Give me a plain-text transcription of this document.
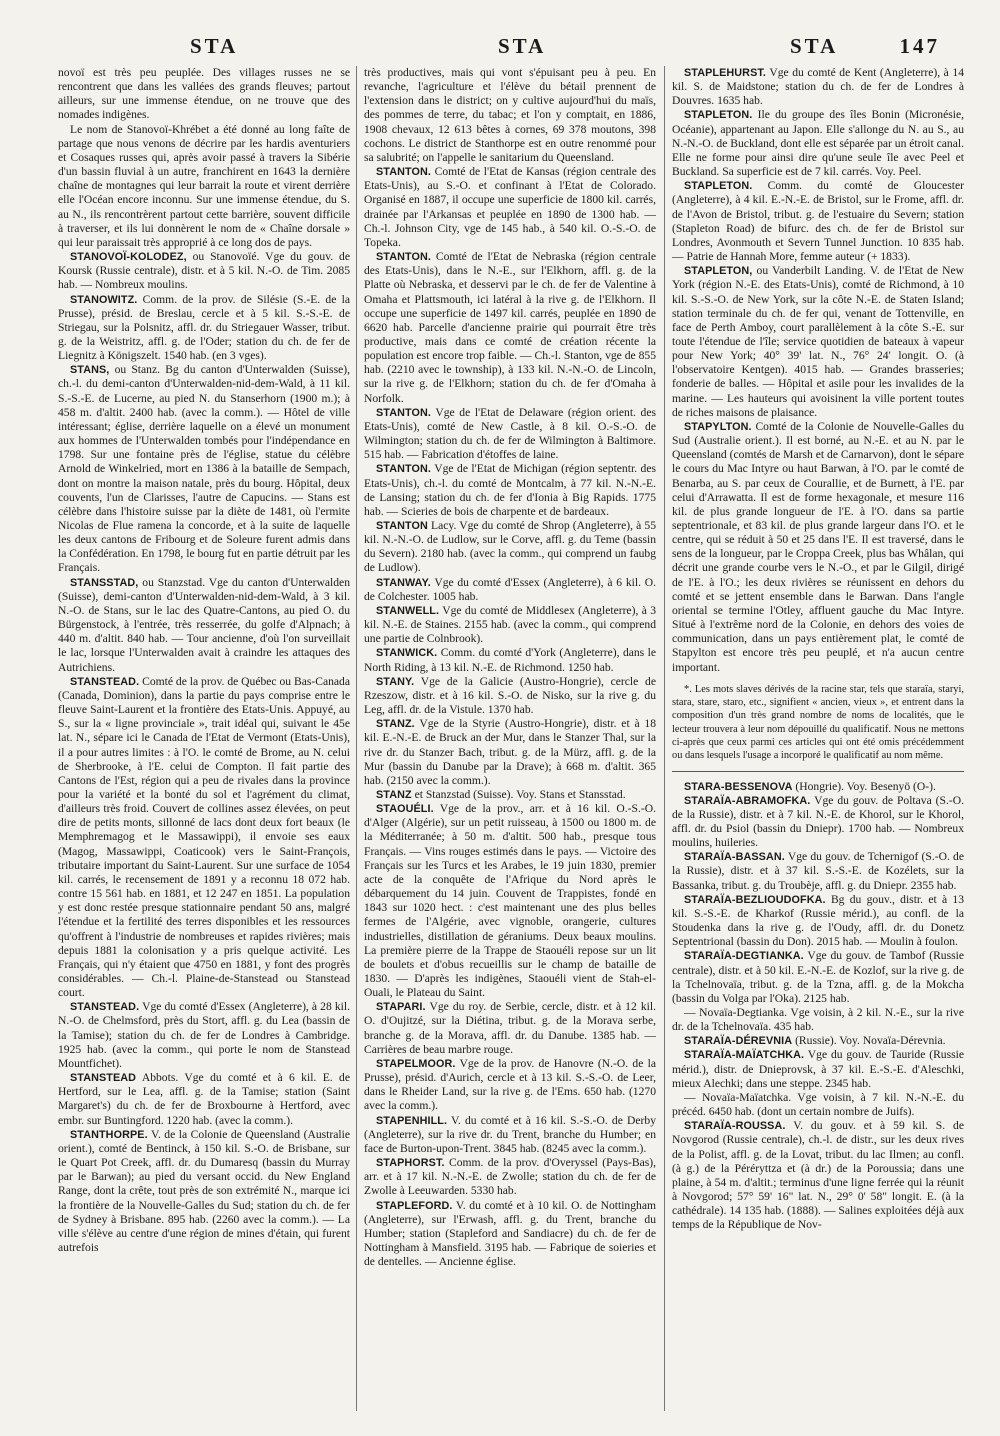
STA	STA	STA	147

novoï est très peu peuplée. Des villages russes ne se rencontrent que dans les vallées des grands fleuves; partout ailleurs, sur une immense étendue, on ne trouve que des nomades indigènes.

Le nom de Stanovoï-Khrébet a été donné au long faîte de partage que nous venons de décrire par les hardis aventuriers et Cosaques russes qui, après avoir passé à travers la Sibérie d'un bassin fluvial à un autre, franchirent en 1643 la dernière chaîne de montagnes qui leur barrait la route et virent derrière elle l'Océan encore inconnu. Sur une immense étendue, du S. au N., ils rencontrèrent partout cette barrière, souvent difficile à traverser, et ils lui donnèrent le nom de « Chaîne dorsale » qui leur paraissait très approprié à ce long dos de pays.

STANOVOÏ-KOLODEZ, ou Stanovoïé. Vge du gouv. de Koursk (Russie centrale), distr. et à 5 kil. N.-O. de Tim. 2085 hab. — Nombreux moulins.

STANOWITZ. Comm. de la prov. de Silésie (S.-E. de la Prusse), présid. de Breslau, cercle et à 5 kil. S.-S.-E. de Striegau, sur la Polsnitz, affl. dr. du Striegauer Wasser, tribut. g. de la Weistritz, affl. g. de l'Oder; station du ch. de fer de Liegnitz à Königszelt. 1540 hab. (en 3 vges).

STANS, ou Stanz. Bg du canton d'Unterwalden (Suisse), ch.-l. du demi-canton d'Unterwalden-nid-dem-Wald, à 11 kil. S.-S.-E. de Lucerne, au pied N. du Stanserhorn (1900 m.); à 458 m. d'altit. 2400 hab. (avec la comm.). — Hôtel de ville intéressant; église, derrière laquelle on a élevé un monument aux hommes de l'Unterwalden tombés pour l'indépendance en 1798. Sur une fontaine près de l'église, statue du célèbre Arnold de Winkelried, mort en 1386 à la bataille de Sempach, dont on montre la maison natale, près du bourg. Hôpital, deux couvents, l'un de Clarisses, l'autre de Capucins. — Stans est célèbre dans l'histoire suisse par la diète de 1481, où l'ermite Nicolas de Flue ramena la concorde, et à la suite de laquelle les deux cantons de Fribourg et de Soleure furent admis dans la Confédération. En 1798, le bourg fut en partie détruit par les Français.

STANSSTAD, ou Stanzstad. Vge du canton d'Unterwalden (Suisse), demi-canton d'Unterwalden-nid-dem-Wald, à 3 kil. N.-O. de Stans, sur le lac des Quatre-Cantons, au pied O. du Bürgenstock, à l'entrée, très resserrée, du golfe d'Alpnach; à 440 m. d'altit. 840 hab. — Tour ancienne, d'où l'on surveillait le lac, lorsque l'Unterwalden avait à craindre les attaques des Autrichiens.

STANSTEAD. Comté de la prov. de Québec ou Bas-Canada (Canada, Dominion), dans la partie du pays comprise entre le fleuve Saint-Laurent et la frontière des Etats-Unis. Appuyé, au S., sur la « ligne provinciale », trait idéal qui, suivant le 45e lat. N., sépare ici le Canada de l'Etat de Vermont (Etats-Unis), il a pour autres limites : à l'O. le comté de Brome, au N. celui de Sherbrooke, à l'E. celui de Compton. Il fait partie des Cantons de l'Est, région qui a peu de rivales dans la province pour la variété et la bonté du sol et l'agrément du climat, d'ailleurs très froid. Couvert de collines assez élevées, on peut dire de petits monts, sillonné de lacs dont deux fort beaux (le Memphremagog et le Massawippi), il envoie ses eaux (Magog, Massawippi, Coaticook) vers le Saint-François, tributaire important du Saint-Laurent. Sur une surface de 1054 kil. carrés, le recensement de 1891 y a reconnu 18 072 hab. contre 15 561 hab. en 1881, et 12 247 en 1851. La population y est donc restée presque stationnaire pendant 50 ans, malgré l'étendue et la fertilité des terres disponibles et les ressources qu'offrent à l'industrie de nombreuses et rapides rivières; mais depuis 1881 la colonisation y a pris quelque activité. Les Français, qui n'y étaient que 4750 en 1881, y font des progrès considérables. — Ch.-l. Plaine-de-Stanstead ou Stanstead court.

STANSTEAD. Vge du comté d'Essex (Angleterre), à 28 kil. N.-O. de Chelmsford, près du Stort, affl. g. du Lea (bassin de la Tamise); station du ch. de fer de Londres à Cambridge. 1925 hab. (avec la comm., qui porte le nom de Stanstead Mountfichet).

STANSTEAD Abbots. Vge du comté et à 6 kil. E. de Hertford, sur le Lea, affl. g. de la Tamise; station (Saint Margaret's) du ch. de fer de Broxbourne à Hertford, avec embr. sur Buntingford. 1220 hab. (avec la comm.).

STANTHORPE. V. de la Colonie de Queensland (Australie orient.), comté de Bentinck, à 150 kil. S.-O. de Brisbane, sur le Quart Pot Creek, affl. dr. du Dumaresq (bassin du Murray par le Barwan); au pied du versant occid. du New England Range, dont la crête, tout près de son extrémité N., marque ici la frontière de la Nouvelle-Galles du Sud; station du ch. de fer de Sydney à Brisbane. 895 hab. (2260 avec la comm.). — La ville s'élève au centre d'une région de mines d'étain, qui furent autrefois

très productives, mais qui vont s'épuisant peu à peu. En revanche, l'agriculture et l'élève du bétail prennent de l'extension dans le district; on y cultive aujourd'hui du maïs, des pommes de terre, du tabac; et l'on y comptait, en 1886, 1908 chevaux, 12 613 bêtes à cornes, 69 378 moutons, 398 cochons. Le district de Stanthorpe est en outre renommé pour sa salubrité; on l'appelle le sanitarium du Queensland.

STANTON. Comté de l'Etat de Kansas (région centrale des Etats-Unis), au S.-O. et confinant à l'Etat de Colorado. Organisé en 1887, il occupe une superficie de 1800 kil. carrés, drainée par l'Arkansas et peuplée en 1890 de 1300 hab. — Ch.-l. Johnson City, vge de 145 hab., à 540 kil. O.-S.-O. de Topeka.

STANTON. Comté de l'Etat de Nebraska (région centrale des Etats-Unis), dans le N.-E., sur l'Elkhorn, affl. g. de la Platte où Nebraska, et desservi par le ch. de fer de Valentine à Omaha et Plattsmouth, ici latéral à la rive g. de l'Elkhorn. Il occupe une superficie de 1497 kil. carrés, peuplée en 1890 de 6620 hab. Parcelle d'ancienne prairie qui pourrait être très productive, mais dans ce comté de création récente la population est encore trop faible. — Ch.-l. Stanton, vge de 855 hab. (2210 avec le township), à 133 kil. N.-N.-O. de Lincoln, sur la rive g. de l'Elkhorn; station du ch. de fer d'Omaha à Norfolk.

STANTON. Vge de l'Etat de Delaware (région orient. des Etats-Unis), comté de New Castle, à 8 kil. O.-S.-O. de Wilmington; station du ch. de fer de Wilmington à Baltimore. 515 hab. — Fabrication d'étoffes de laine.

STANTON. Vge de l'Etat de Michigan (région septentr. des Etats-Unis), ch.-l. du comté de Montcalm, à 77 kil. N.-N.-E. de Lansing; station du ch. de fer d'Ionia à Big Rapids. 1775 hab. — Scieries de bois de charpente et de bardeaux.

STANTON Lacy. Vge du comté de Shrop (Angleterre), à 55 kil. N.-N.-O. de Ludlow, sur le Corve, affl. g. du Teme (bassin du Severn). 2180 hab. (avec la comm., qui comprend un faubg de Ludlow).

STANWAY. Vge du comté d'Essex (Angleterre), à 6 kil. O. de Colchester. 1005 hab.

STANWELL. Vge du comté de Middlesex (Angleterre), à 3 kil. N.-E. de Staines. 2155 hab. (avec la comm., qui comprend une partie de Colnbrook).

STANWICK. Comm. du comté d'York (Angleterre), dans le North Riding, à 13 kil. N.-E. de Richmond. 1250 hab.

STANY. Vge de la Galicie (Austro-Hongrie), cercle de Rzeszow, distr. et à 16 kil. S.-O. de Nisko, sur la rive g. du Leg, affl. dr. de la Vistule. 1370 hab.

STANZ. Vge de la Styrie (Austro-Hongrie), distr. et à 18 kil. E.-N.-E. de Bruck an der Mur, dans le Stanzer Thal, sur la rive dr. du Stanzer Bach, tribut. g. de la Mürz, affl. g. de la Mur (bassin du Danube par la Drave); à 668 m. d'altit. 365 hab. (2150 avec la comm.).

STANZ et Stanzstad (Suisse). Voy. Stans et Stansstad.

STAOUÉLI. Vge de la prov., arr. et à 16 kil. O.-S.-O. d'Alger (Algérie), sur un petit ruisseau, à 1500 ou 1800 m. de la Méditerranée; à 50 m. d'altit. 500 hab., presque tous Français. — Vins rouges estimés dans le pays. — Victoire des Français sur les Turcs et les Arabes, le 19 juin 1830, premier acte de la conquête de l'Afrique du Nord après le débarquement du 14 juin. Couvent de Trappistes, fondé en 1843 sur 1020 hect. : c'est maintenant une des plus belles fermes de l'Algérie, avec vignoble, orangerie, cultures industrielles, distillation de géraniums. Deux beaux moulins. La première pierre de la Trappe de Staouéli repose sur un lit de boulets et d'obus recueillis sur le champ de bataille de 1830. — D'après les indigènes, Staouéli vient de Stah-el-Ouali, le Plateau du Saint.

STAPARI. Vge du roy. de Serbie, cercle, distr. et à 12 kil. O. d'Oujitzé, sur la Diétina, tribut. g. de la Morava serbe, branche g. de la Morava, affl. dr. du Danube. 1385 hab. — Carrières de beau marbre rouge.

STAPELMOOR. Vge de la prov. de Hanovre (N.-O. de la Prusse), présid. d'Aurich, cercle et à 13 kil. S.-S.-O. de Leer, dans le Rheider Land, sur la rive g. de l'Ems. 650 hab. (1270 avec la comm.).

STAPENHILL. V. du comté et à 16 kil. S.-S.-O. de Derby (Angleterre), sur la rive dr. du Trent, branche du Humber; en face de Burton-upon-Trent. 3845 hab. (8245 avec la comm.).

STAPHORST. Comm. de la prov. d'Overyssel (Pays-Bas), arr. et à 17 kil. N.-N.-E. de Zwolle; station du ch. de fer de Zwolle à Leeuwarden. 5330 hab.

STAPLEFORD. V. du comté et à 10 kil. O. de Nottingham (Angleterre), sur l'Erwash, affl. g. du Trent, branche du Humber; station (Stapleford and Sandiacre) du ch. de fer de Nottingham à Mansfield. 3195 hab. — Fabrique de soieries et de dentelles. — Ancienne église.

STAPLEHURST. Vge du comté de Kent (Angleterre), à 14 kil. S. de Maidstone; station du ch. de fer de Londres à Douvres. 1635 hab.

STAPLETON. Ile du groupe des îles Bonin (Micronésie, Océanie), appartenant au Japon. Elle s'allonge du N. au S., au N.-N.-O. de Buckland, dont elle est séparée par un étroit canal. Elle ne forme pour ainsi dire qu'une seule île avec Peel et Buckland. Sa superficie est de 7 kil. carrés. Voy. Peel.

STAPLETON. Comm. du comté de Gloucester (Angleterre), à 4 kil. E.-N.-E. de Bristol, sur le Frome, affl. dr. de l'Avon de Bristol, tribut. g. de l'estuaire du Severn; station (Stapleton Road) de bifurc. des ch. de fer de Bristol sur Londres, Avonmouth et Severn Tunnel Junction. 10 835 hab. — Patrie de Hannah More, femme auteur (+ 1833).

STAPLETON, ou Vanderbilt Landing. V. de l'Etat de New York (région N.-E. des Etats-Unis), comté de Richmond, à 10 kil. S.-S.-O. de New York, sur la côte N.-E. de Staten Island; station terminale du ch. de fer qui, venant de Tottenville, en face de Perth Amboy, court parallèlement à la côte S.-E. sur toute l'étendue de l'île; service quotidien de bateaux à vapeur pour New York; 40° 39' lat. N., 76° 24' longit. O. (à l'observatoire Kentgen). 4015 hab. — Grandes brasseries; fonderie de balles. — Hôpital et asile pour les invalides de la marine. — Les hauteurs qui avoisinent la ville portent toutes de riches maisons de plaisance.

STAPYLTON. Comté de la Colonie de Nouvelle-Galles du Sud (Australie orient.). Il est borné, au N.-E. et au N. par le Queensland (comtés de Marsh et de Carnarvon), dont le sépare le cours du Mac Intyre ou haut Barwan, à l'O. par le comté de Benarba, au S. par ceux de Courallie, et de Burnett, à l'E. par celui d'Arrawatta. Il est de forme hexagonale, et mesure 116 kil. de plus grande longueur de l'E. à l'O. dans sa partie septentrionale, et 83 kil. de plus grande largeur dans l'O. et le centre, qui se réduit à 50 et 25 dans l'E. Il est traversé, dans le sens de la longueur, par le Croppa Creek, plus bas Whâlan, qui décrit une grande courbe vers le N.-O., et par le Gilgil, dirigé de l'E. à l'O.; les deux rivières se réunissent en dehors du comté et se jettent ensemble dans le Barwan. Dans l'angle oriental se termine l'Otley, affluent gauche du Mac Intyre. Situé à l'extrême nord de la Colonie, en dehors des voies de communication, dans un pays entièrement plat, le comté de Stapylton est encore très peu peuplé, et n'a aucun centre important.

*. Les mots slaves dérivés de la racine star, tels que staraïa, staryi, stara, stare, staro, etc., signifient « ancien, vieux », et entrent dans la composition d'un très grand nombre de noms de localités, que le lecteur trouvera à leur nom dépouillé du qualificatif. Nous ne mettons ci-après que ceux parmi ces articles qui ont été omis précédemment ou dans lesquels l'usage a incorporé le qualificatif au nom même.

STARA-BESSENOVA (Hongrie). Voy. Besenyö (O-).

STARAÏA-ABRAMOFKA. Vge du gouv. de Poltava (S.-O. de la Russie), distr. et à 7 kil. N.-E. de Khorol, sur le Khorol, affl. dr. du Psiol (bassin du Dniepr). 1700 hab. — Nombreux moulins, huileries.

STARAÏA-BASSAN. Vge du gouv. de Tchernigof (S.-O. de la Russie), distr. et à 37 kil. S.-S.-E. de Kozélets, sur la Bassanka, tribut. g. du Troubèje, affl. g. du Dniepr. 2355 hab.

STARAÏA-BEZLIOUDOFKA. Bg du gouv., distr. et à 13 kil. S.-S.-E. de Kharkof (Russie mérid.), au confl. de la Stoudenka dans la rive g. de l'Oudy, affl. dr. du Donetz Septentrional (bassin du Don). 2015 hab. — Moulin à foulon.

STARAÏA-DEGTIANKA. Vge du gouv. de Tambof (Russie centrale), distr. et à 50 kil. E.-N.-E. de Kozlof, sur la rive g. de la Tchelnovaïa, tribut. g. de la Tzna, affl. g. de la Mokcha (bassin du Volga par l'Oka). 2125 hab.

— Novaïa-Degtianka. Vge voisin, à 2 kil. N.-E., sur la rive dr. de la Tchelnovaïa. 435 hab.

STARAÏA-DÉREVNIA (Russie). Voy. Novaïa-Dérevnia.

STARAÏA-MAÏATCHKA. Vge du gouv. de Tauride (Russie mérid.), distr. de Dnieprovsk, à 37 kil. E.-S.-E. d'Aleschki, mieux Alechki; dans une steppe. 2345 hab.

— Novaïa-Maïatchka. Vge voisin, à 7 kil. N.-N.-E. du précéd. 6450 hab. (dont un certain nombre de Juifs).

STARAÏA-ROUSSA. V. du gouv. et à 59 kil. S. de Novgorod (Russie centrale), ch.-l. de distr., sur les deux rives de la Polist, affl. g. de la Lovat, tribut. du lac Ilmen; au confl. (à g.) de la Péréryttza et (à dr.) de la Poroussia; dans une plaine, à 54 m. d'altit.; terminus d'une ligne ferrée qui la réunit à Novgorod; 57° 59' 16" lat. N., 29° 0' 58" longit. E. (à la cathédrale). 14 135 hab. (1888). — Salines exploitées déjà aux temps de la République de Nov-
